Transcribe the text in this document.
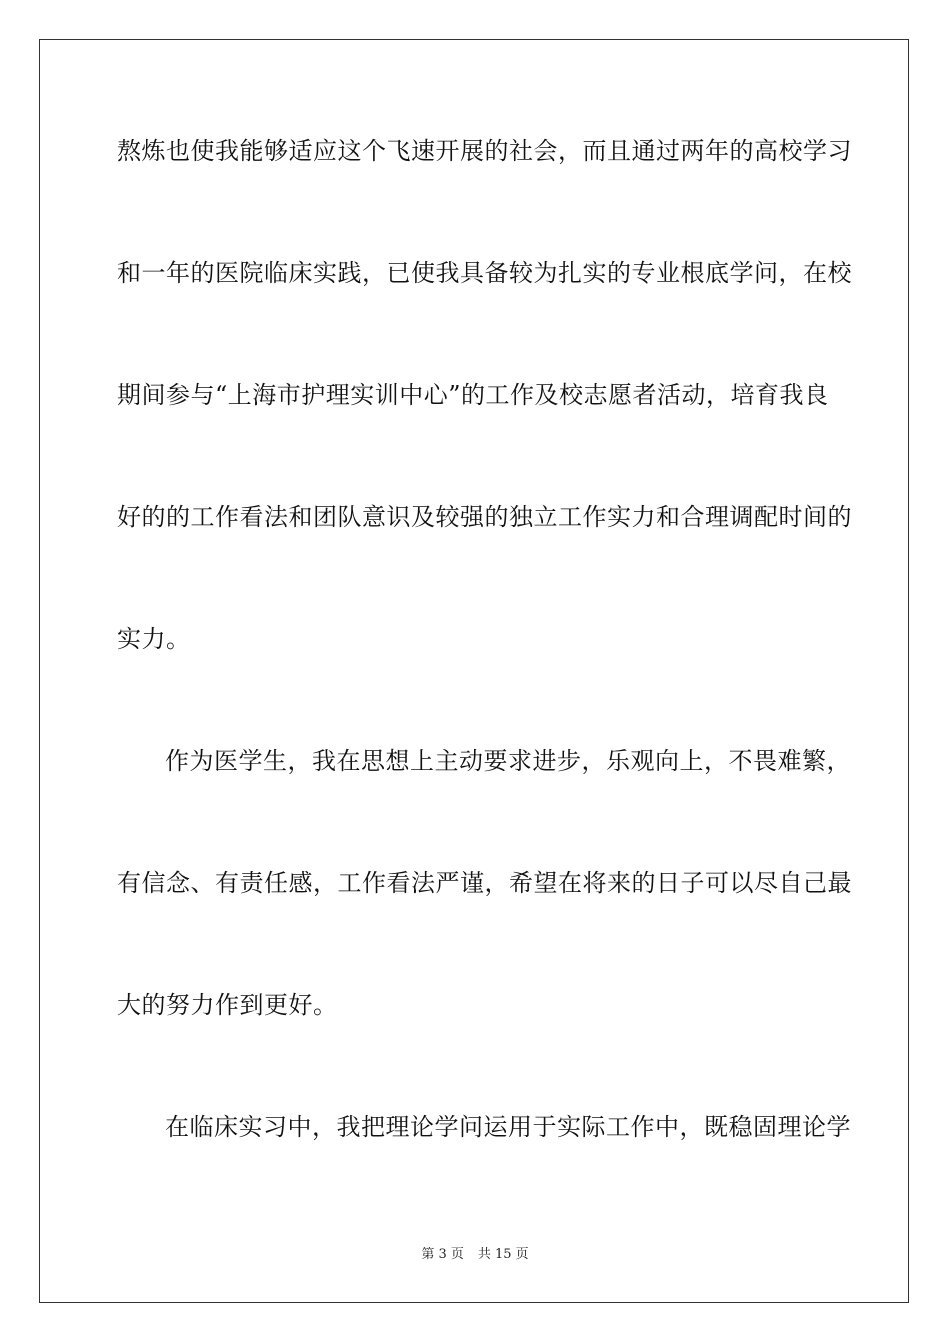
熬炼也使我能够适应这个飞速开展的社会，而且通过两年的高校学习
和一年的医院临床实践，已使我具备较为扎实的专业根底学问，在校
期间参与“上海市护理实训中心”的工作及校志愿者活动，培育我良
好的的工作看法和团队意识及较强的独立工作实力和合理调配时间的
实力。
作为医学生，我在思想上主动要求进步，乐观向上，不畏难繁，
有信念、有责任感，工作看法严谨，希望在将来的日子可以尽自己最
大的努力作到更好。
在临床实习中，我把理论学问运用于实际工作中，既稳固理论学
第 3 页 共 15 页
